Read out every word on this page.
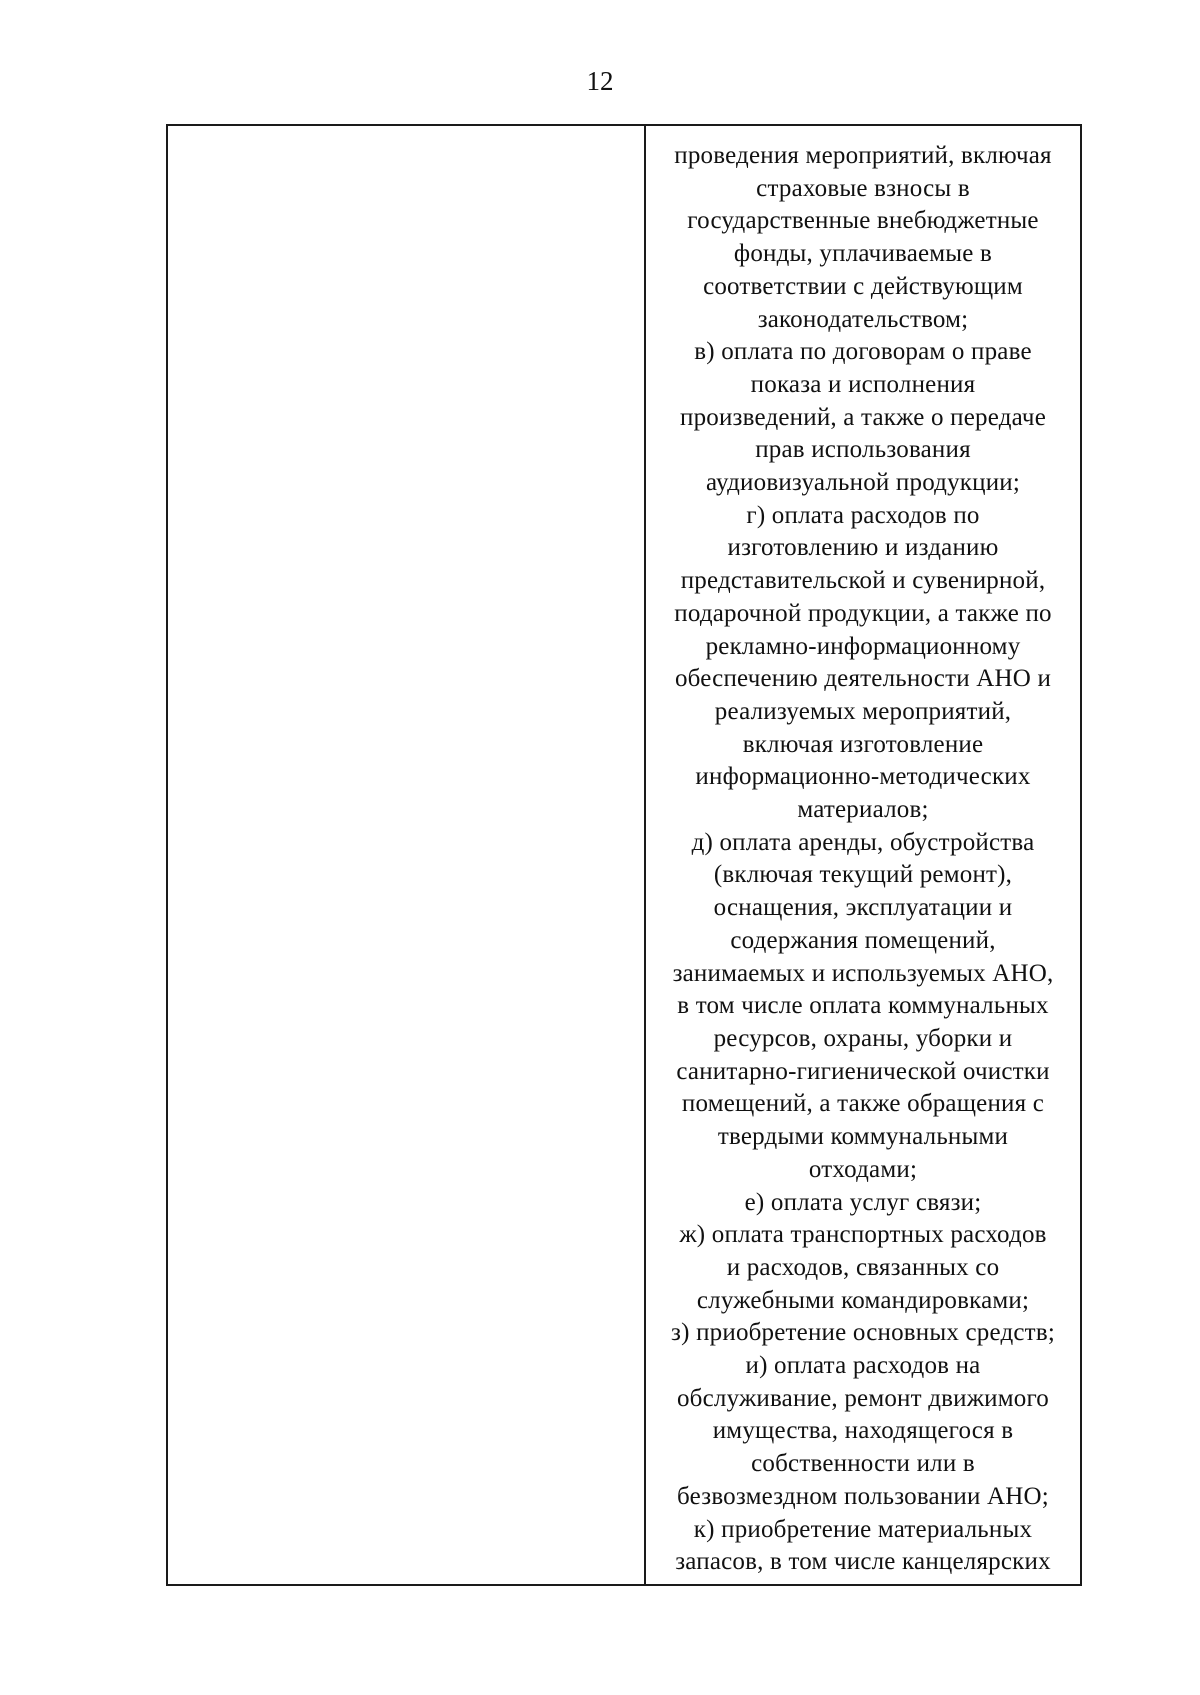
12
проведения мероприятий, включая
страховые взносы в
государственные внебюджетные
фонды, уплачиваемые в
соответствии с действующим
законодательством;
в) оплата по договорам о праве
показа и исполнения
произведений, а также о передаче
прав использования
аудиовизуальной продукции;
г) оплата расходов по
изготовлению и изданию
представительской и сувенирной,
подарочной продукции, а также по
рекламно-информационному
обеспечению деятельности АНО и
реализуемых мероприятий,
включая изготовление
информационно-методических
материалов;
д) оплата аренды, обустройства
(включая текущий ремонт),
оснащения, эксплуатации и
содержания помещений,
занимаемых и используемых АНО,
в том числе оплата коммунальных
ресурсов, охраны, уборки и
санитарно-гигиенической очистки
помещений, а также обращения с
твердыми коммунальными
отходами;
е) оплата услуг связи;
ж) оплата транспортных расходов
и расходов, связанных со
служебными командировками;
з) приобретение основных средств;
и) оплата расходов на
обслуживание, ремонт движимого
имущества, находящегося в
собственности или в
безвозмездном пользовании АНО;
к) приобретение материальных
запасов, в том числе канцелярских
